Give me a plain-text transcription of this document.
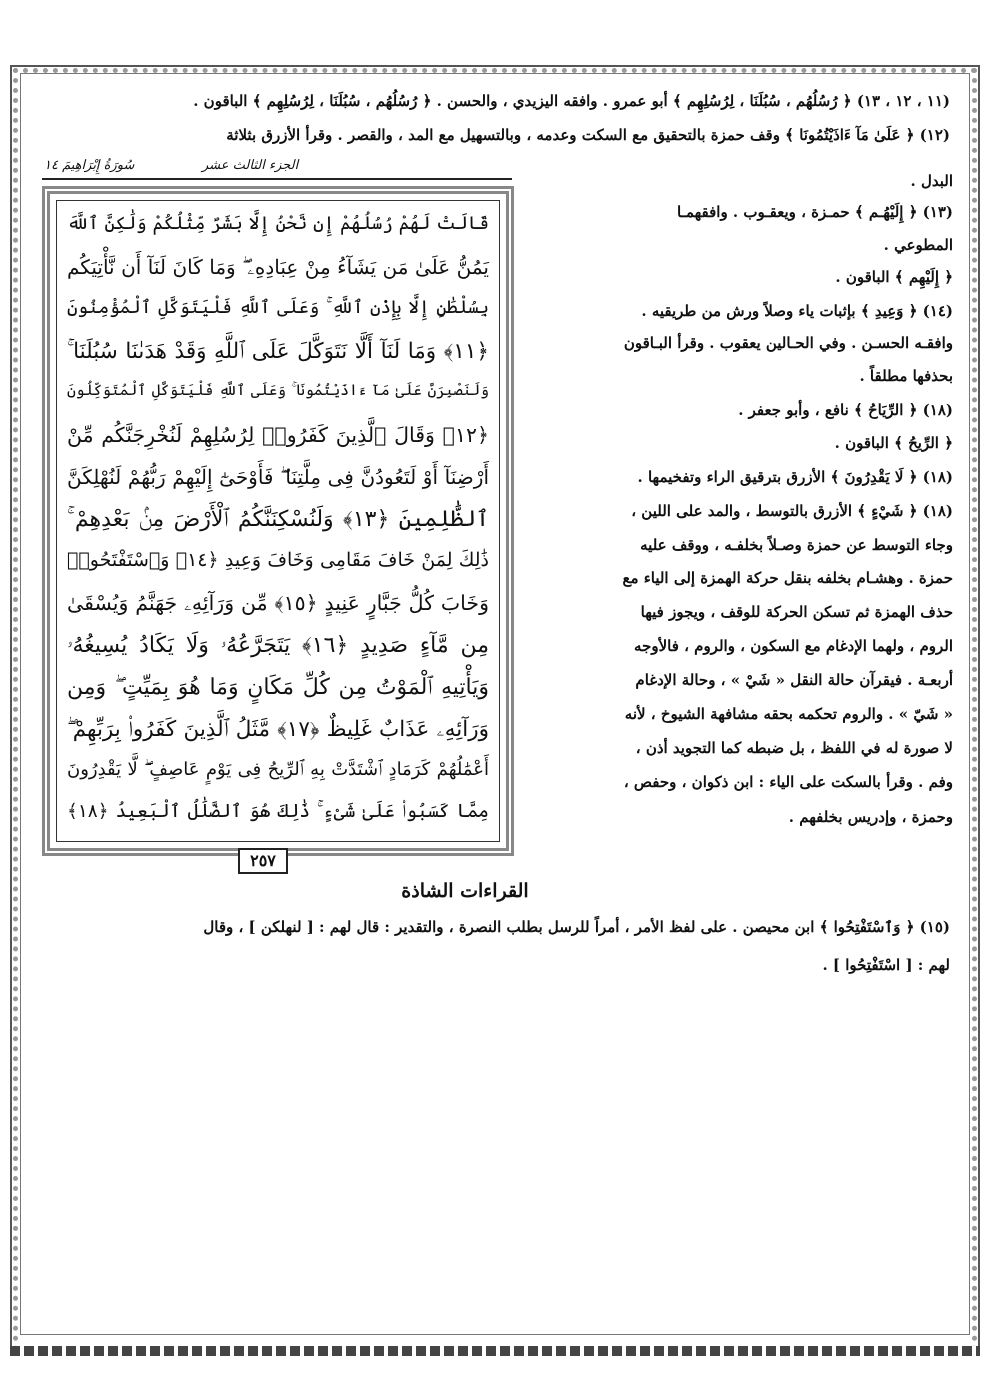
(١١ ، ١٢ ، ١٣) ﴿ رُسُلُهُم ، سُبُلَنَا ، لِرُسُلِهِم ﴾ أبو عمرو . وافقه اليزيدي ، والحسن . ﴿ رُسُلُهُم ، سُبُلَنَا ، لِرُسُلِهِم ﴾ الباقون .
(١٢) ﴿ عَلَىٰ مَآ ءَاذَيْتُمُونَا ﴾ وقف حمزة بالتحقيق مع السكت وعدمه ، وبالتسهيل مع المد ، والقصر . وقرأ الأزرق بثلاثة
سُورَةُ إِبْرَاهِيمَ ١٤	الجزء الثالث عشر
البدل .
(١٣) ﴿ إِلَيْهُـم ﴾ حمـزة ، ويعقـوب . وافقهمـا
المطوعي .
﴿ إِلَيْهِم ﴾ الباقون .
(١٤) ﴿ وَعِيدِ ﴾ بإثبات ياء وصلاً ورش من طريقيه .
وافقـه الحسـن . وفي الحـالين يعقوب . وقرأ البـاقون
بحذفها مطلقاً .
(١٨) ﴿ الرِّيَاحُ ﴾ نافع ، وأبو جعفر .
﴿ الرِّيحُ ﴾ الباقون .
(١٨) ﴿ لَا يَقْدِرُونَ ﴾ الأزرق بترقيق الراء وتفخيمها .
(١٨) ﴿ شَيْءٍ ﴾ الأزرق بالتوسط ، والمد على اللين ،
وجاء التوسط عن حمزة وصـلاً بخلفـه ، ووقف عليه
حمزة . وهشـام بخلفه بنقل حركة الهمزة إلى الياء مع
حذف الهمزة ثم تسكن الحركة للوقف ، ويجوز فيها
الروم ، ولهما الإدغام مع السكون ، والروم ، فالأوجه
أربعـة . فيقرآن حالة النقل « شَيْ » ، وحالة الإدغام
« شَيّ » . والروم تحكمه بحقه مشافهة الشيوخ ، لأنه
لا صورة له في اللفظ ، بل ضبطه كما التجويد أذن ،
وفم . وقرأ بالسكت على الياء : ابن ذكوان ، وحفص ،
وحمزة ، وإدريس بخلفهم .
قَالَتْ لَهُمْ رُسُلُهُمْ إِن نَّحْنُ إِلَّا بَشَرٌ مِّثْلُكُمْ وَلَٰكِنَّ ٱللَّهَ
يَمُنُّ عَلَىٰ مَن يَشَآءُ مِنْ عِبَادِهِۦ ۖ وَمَا كَانَ لَنَآ أَن نَّأْتِيَكُم
بِسُلْطَٰنٍ إِلَّا بِإِذْنِ ٱللَّهِ ۚ وَعَلَى ٱللَّهِ فَلْيَتَوَكَّلِ ٱلْمُؤْمِنُونَ
﴿١١﴾ وَمَا لَنَآ أَلَّا نَتَوَكَّلَ عَلَى ٱللَّهِ وَقَدْ هَدَىٰنَا سُبُلَنَا ۚ
وَلَنَصْبِرَنَّ عَلَىٰ مَآ ءَاذَيْتُمُونَا ۚ وَعَلَى ٱللَّهِ فَلْيَتَوَكَّلِ ٱلْمُتَوَكِّلُونَ
﴿١٢﴾ وَقَالَ ٱلَّذِينَ كَفَرُوا۟ لِرُسُلِهِمْ لَنُخْرِجَنَّكُم مِّنْ
أَرْضِنَآ أَوْ لَتَعُودُنَّ فِى مِلَّتِنَا ۖ فَأَوْحَىٰٓ إِلَيْهِمْ رَبُّهُمْ لَنُهْلِكَنَّ
ٱلظَّٰلِمِينَ ﴿١٣﴾ وَلَنُسْكِنَنَّكُمُ ٱلْأَرْضَ مِنۢ بَعْدِهِمْ ۚ
ذَٰلِكَ لِمَنْ خَافَ مَقَامِى وَخَافَ وَعِيدِ ﴿١٤﴾ وَٱسْتَفْتَحُوا۟
وَخَابَ كُلُّ جَبَّارٍ عَنِيدٍ ﴿١٥﴾ مِّن وَرَآئِهِۦ جَهَنَّمُ وَيُسْقَىٰ
مِن مَّآءٍ صَدِيدٍ ﴿١٦﴾ يَتَجَرَّعُهُۥ وَلَا يَكَادُ يُسِيغُهُۥ
وَيَأْتِيهِ ٱلْمَوْتُ مِن كُلِّ مَكَانٍ وَمَا هُوَ بِمَيِّتٍ ۖ وَمِن
وَرَآئِهِۦ عَذَابٌ غَلِيظٌ ﴿١٧﴾ مَّثَلُ ٱلَّذِينَ كَفَرُوا۟ بِرَبِّهِمْ ۖ
أَعْمَٰلُهُمْ كَرَمَادٍ ٱشْتَدَّتْ بِهِ ٱلرِّيحُ فِى يَوْمٍ عَاصِفٍ ۖ لَّا يَقْدِرُونَ
مِمَّا كَسَبُوا۟ عَلَىٰ شَىْءٍ ۚ ذَٰلِكَ هُوَ ٱلضَّلَٰلُ ٱلْبَعِيدُ ﴿١٨﴾
٢٥٧
القراءات الشاذة
(١٥) ﴿ وَٱسْتَفْتِحُوا ﴾ ابن محيصن . على لفظ الأمر ، أمراً للرسل بطلب النصرة ، والتقدير : قال لهم : [ لنهلكن ] ، وقال
لهم : [ اسْتَفْتِحُوا ] .
